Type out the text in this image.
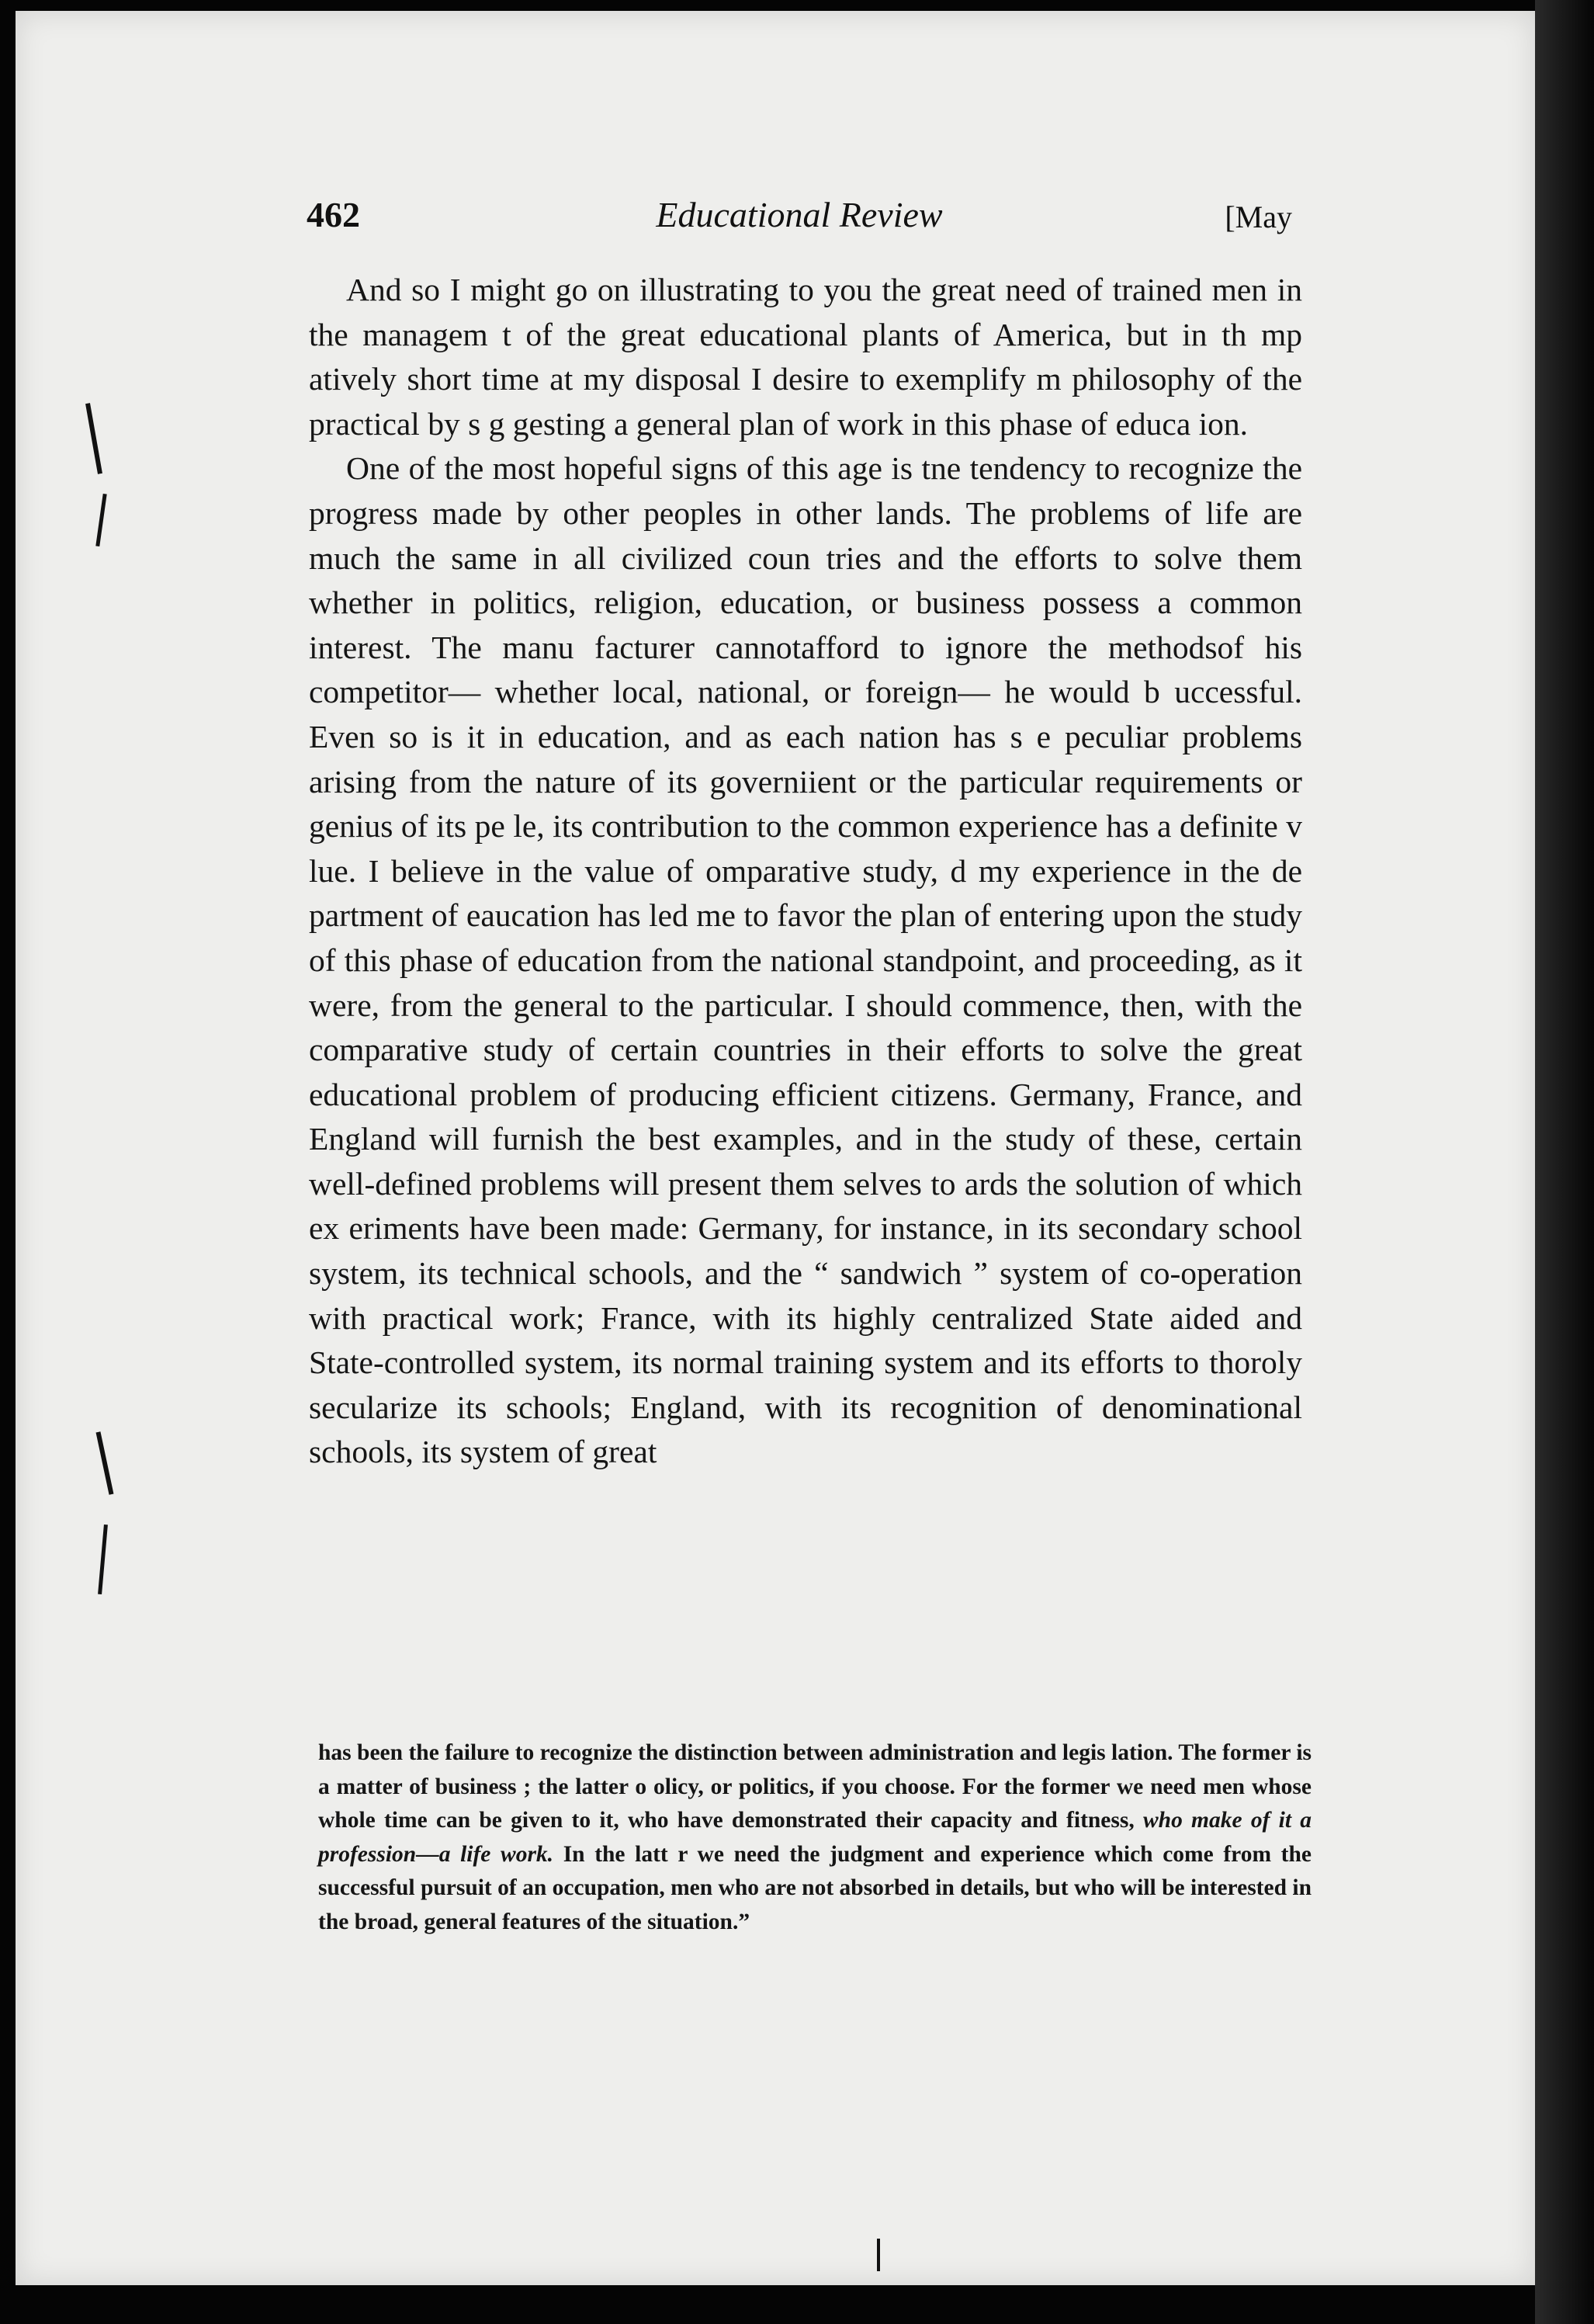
462	Educational Review	[May

And so I might go on illustrating to you the great need of trained men in the managem t of the great educational plants of America, but in th mp atively short time at my disposal I desire to exemplify m philosophy of the practical by s g gesting a general plan of work in this phase of educa ion.

One of the most hopeful signs of this age is tne tendency to recognize the progress made by other peoples in other lands. The problems of life are much the same in all civilized coun tries and the efforts to solve them whether in politics, religion, education, or business possess a common interest. The manu facturer cannotafford to ignore the methodsof his competitor— whether local, national, or foreign— he would b uccessful. Even so is it in education, and as each nation has s e peculiar problems arising from the nature of its governiient or the particular requirements or genius of its pe le, its contribution to the common experience has a definite v lue. I believe in the value of omparative study, d my experience in the de partment of eaucation has led me to favor the plan of entering upon the study of this phase of education from the national standpoint, and proceeding, as it were, from the general to the particular. I should commence, then, with the comparative study of certain countries in their efforts to solve the great educational problem of producing efficient citizens. Germany, France, and England will furnish the best examples, and in the study of these, certain well-defined problems will present them selves to ards the solution of which ex eriments have been made: Germany, for instance, in its secondary school system, its technical schools, and the “ sandwich ” system of co-operation with practical work; France, with its highly centralized State aided and State-controlled system, its normal training system and its efforts to thoroly secularize its schools; England, with its recognition of denominational schools, its system of great

has been the failure to recognize the distinction between administration and legis lation. The former is a matter of business ; the latter o olicy, or politics, if you choose. For the former we need men whose whole time can be given to it, who have demonstrated their capacity and fitness, who make of it a profession—a life work. In the latt r we need the judgment and experience which come from the successful pursuit of an occupation, men who are not absorbed in details, but who will be interested in the broad, general features of the situation.”
